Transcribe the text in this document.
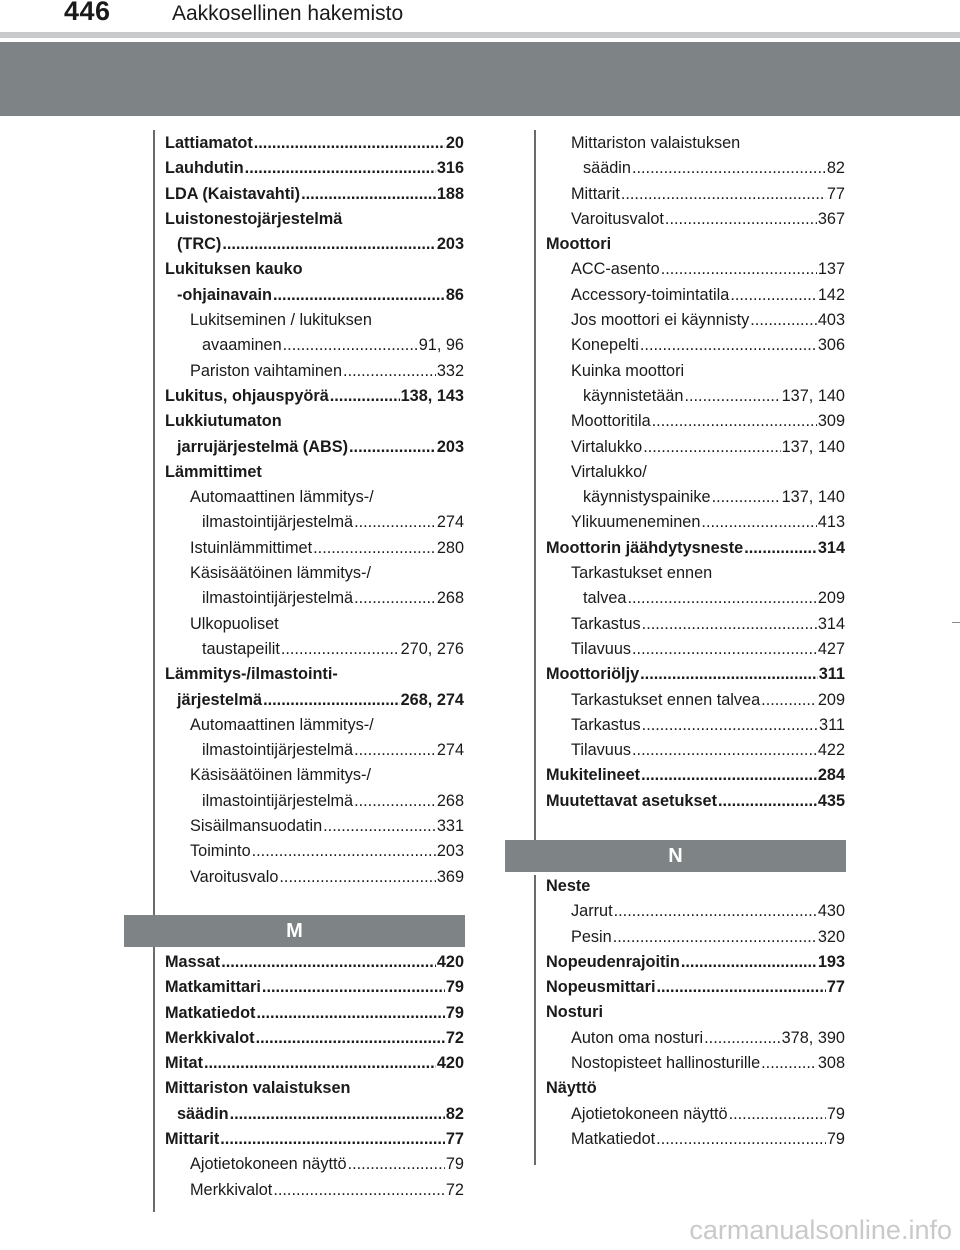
446	Aakkosellinen hakemisto
Lattiamatot .....	20
Lauhdutin .....	316
LDA (Kaistavahti) .....	188
Luistonestojärjestelmä
(TRC) .....	203
Lukituksen kauko
-ohjainavain .....	86
Lukitseminen / lukituksen
avaaminen .....	91, 96
Pariston vaihtaminen .....	332
Lukitus, ohjauspyörä .....	138, 143
Lukkiutumaton
jarrujärjestelmä (ABS) .....	203
Lämmittimet
Automaattinen lämmitys-/
ilmastointijärjestelmä .....	274
Istuinlämmittimet .....	280
Käsisäätöinen lämmitys-/
ilmastointijärjestelmä .....	268
Ulkopuoliset
taustapeilit .....	270, 276
Lämmitys-/ilmastointi-
järjestelmä .....	268, 274
Automaattinen lämmitys-/
ilmastointijärjestelmä .....	274
Käsisäätöinen lämmitys-/
ilmastointijärjestelmä .....	268
Sisäilmansuodatin .....	331
Toiminto .....	203
Varoitusvalo .....	369
M
Massat .....	420
Matkamittari .....	79
Matkatiedot .....	79
Merkkivalot .....	72
Mitat .....	420
Mittariston valaistuksen
säädin .....	82
Mittarit .....	77
Ajotietokoneen näyttö .....	79
Merkkivalot .....	72
Mittariston valaistuksen
säädin .....	82
Mittarit .....	77
Varoitusvalot .....	367
Moottori
ACC-asento .....	137
Accessory-toimintatila .....	142
Jos moottori ei käynnisty .....	403
Konepelti .....	306
Kuinka moottori
käynnistetään .....	137, 140
Moottoritila .....	309
Virtalukko .....	137, 140
Virtalukko/
käynnistyspainike .....	137, 140
Ylikuumeneminen .....	413
Moottorin jäähdytysneste .....	314
Tarkastukset ennen
talvea .....	209
Tarkastus .....	314
Tilavuus .....	427
Moottoriöljy .....	311
Tarkastukset ennen talvea .....	209
Tarkastus .....	311
Tilavuus .....	422
Mukitelineet .....	284
Muutettavat asetukset .....	435
N
Neste
Jarrut .....	430
Pesin .....	320
Nopeudenrajoitin .....	193
Nopeusmittari .....	77
Nosturi
Auton oma nosturi .....	378, 390
Nostopisteet hallinosturille .....	308
Näyttö
Ajotietokoneen näyttö .....	79
Matkatiedot .....	79
carmanualsonline.info
